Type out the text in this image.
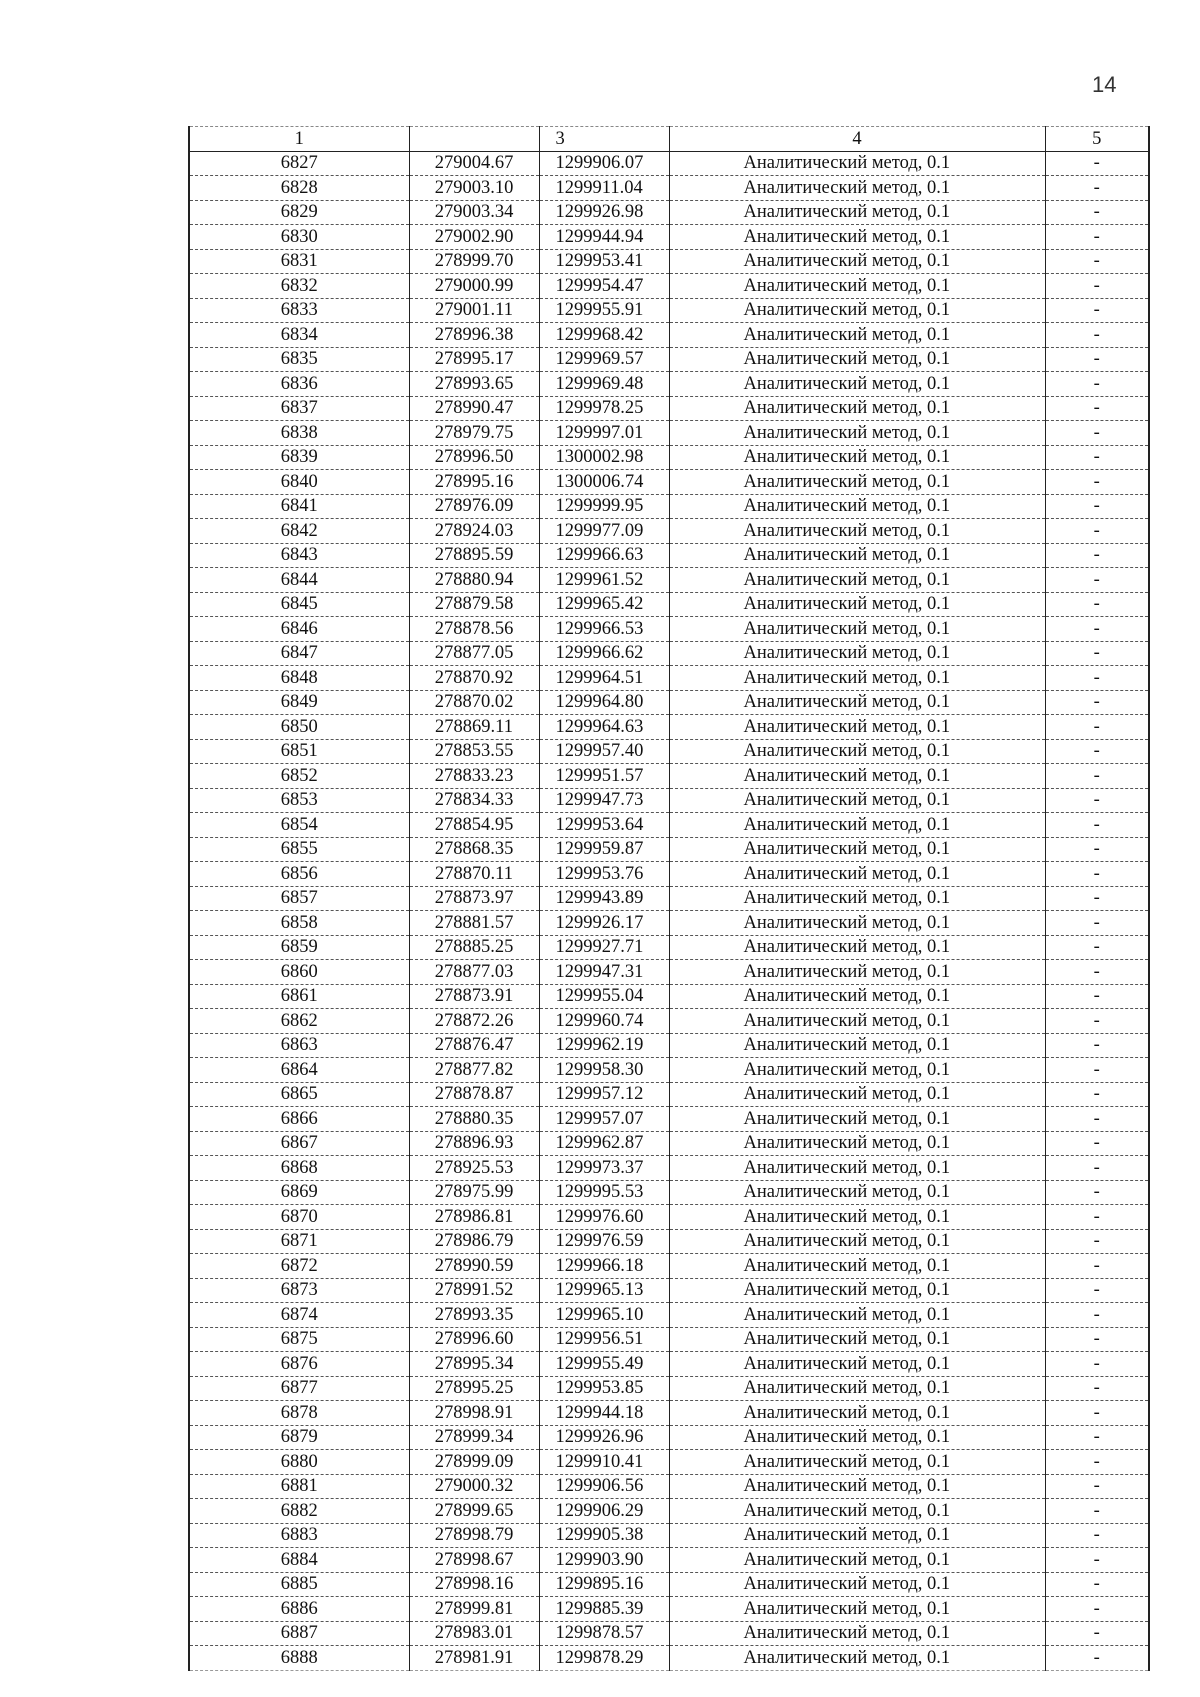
14
1		3	4	5
6827	279004.67	1299906.07	Аналитический метод, 0.1	-
6828	279003.10	1299911.04	Аналитический метод, 0.1	-
6829	279003.34	1299926.98	Аналитический метод, 0.1	-
6830	279002.90	1299944.94	Аналитический метод, 0.1	-
6831	278999.70	1299953.41	Аналитический метод, 0.1	-
6832	279000.99	1299954.47	Аналитический метод, 0.1	-
6833	279001.11	1299955.91	Аналитический метод, 0.1	-
6834	278996.38	1299968.42	Аналитический метод, 0.1	-
6835	278995.17	1299969.57	Аналитический метод, 0.1	-
6836	278993.65	1299969.48	Аналитический метод, 0.1	-
6837	278990.47	1299978.25	Аналитический метод, 0.1	-
6838	278979.75	1299997.01	Аналитический метод, 0.1	-
6839	278996.50	1300002.98	Аналитический метод, 0.1	-
6840	278995.16	1300006.74	Аналитический метод, 0.1	-
6841	278976.09	1299999.95	Аналитический метод, 0.1	-
6842	278924.03	1299977.09	Аналитический метод, 0.1	-
6843	278895.59	1299966.63	Аналитический метод, 0.1	-
6844	278880.94	1299961.52	Аналитический метод, 0.1	-
6845	278879.58	1299965.42	Аналитический метод, 0.1	-
6846	278878.56	1299966.53	Аналитический метод, 0.1	-
6847	278877.05	1299966.62	Аналитический метод, 0.1	-
6848	278870.92	1299964.51	Аналитический метод, 0.1	-
6849	278870.02	1299964.80	Аналитический метод, 0.1	-
6850	278869.11	1299964.63	Аналитический метод, 0.1	-
6851	278853.55	1299957.40	Аналитический метод, 0.1	-
6852	278833.23	1299951.57	Аналитический метод, 0.1	-
6853	278834.33	1299947.73	Аналитический метод, 0.1	-
6854	278854.95	1299953.64	Аналитический метод, 0.1	-
6855	278868.35	1299959.87	Аналитический метод, 0.1	-
6856	278870.11	1299953.76	Аналитический метод, 0.1	-
6857	278873.97	1299943.89	Аналитический метод, 0.1	-
6858	278881.57	1299926.17	Аналитический метод, 0.1	-
6859	278885.25	1299927.71	Аналитический метод, 0.1	-
6860	278877.03	1299947.31	Аналитический метод, 0.1	-
6861	278873.91	1299955.04	Аналитический метод, 0.1	-
6862	278872.26	1299960.74	Аналитический метод, 0.1	-
6863	278876.47	1299962.19	Аналитический метод, 0.1	-
6864	278877.82	1299958.30	Аналитический метод, 0.1	-
6865	278878.87	1299957.12	Аналитический метод, 0.1	-
6866	278880.35	1299957.07	Аналитический метод, 0.1	-
6867	278896.93	1299962.87	Аналитический метод, 0.1	-
6868	278925.53	1299973.37	Аналитический метод, 0.1	-
6869	278975.99	1299995.53	Аналитический метод, 0.1	-
6870	278986.81	1299976.60	Аналитический метод, 0.1	-
6871	278986.79	1299976.59	Аналитический метод, 0.1	-
6872	278990.59	1299966.18	Аналитический метод, 0.1	-
6873	278991.52	1299965.13	Аналитический метод, 0.1	-
6874	278993.35	1299965.10	Аналитический метод, 0.1	-
6875	278996.60	1299956.51	Аналитический метод, 0.1	-
6876	278995.34	1299955.49	Аналитический метод, 0.1	-
6877	278995.25	1299953.85	Аналитический метод, 0.1	-
6878	278998.91	1299944.18	Аналитический метод, 0.1	-
6879	278999.34	1299926.96	Аналитический метод, 0.1	-
6880	278999.09	1299910.41	Аналитический метод, 0.1	-
6881	279000.32	1299906.56	Аналитический метод, 0.1	-
6882	278999.65	1299906.29	Аналитический метод, 0.1	-
6883	278998.79	1299905.38	Аналитический метод, 0.1	-
6884	278998.67	1299903.90	Аналитический метод, 0.1	-
6885	278998.16	1299895.16	Аналитический метод, 0.1	-
6886	278999.81	1299885.39	Аналитический метод, 0.1	-
6887	278983.01	1299878.57	Аналитический метод, 0.1	-
6888	278981.91	1299878.29	Аналитический метод, 0.1	-
